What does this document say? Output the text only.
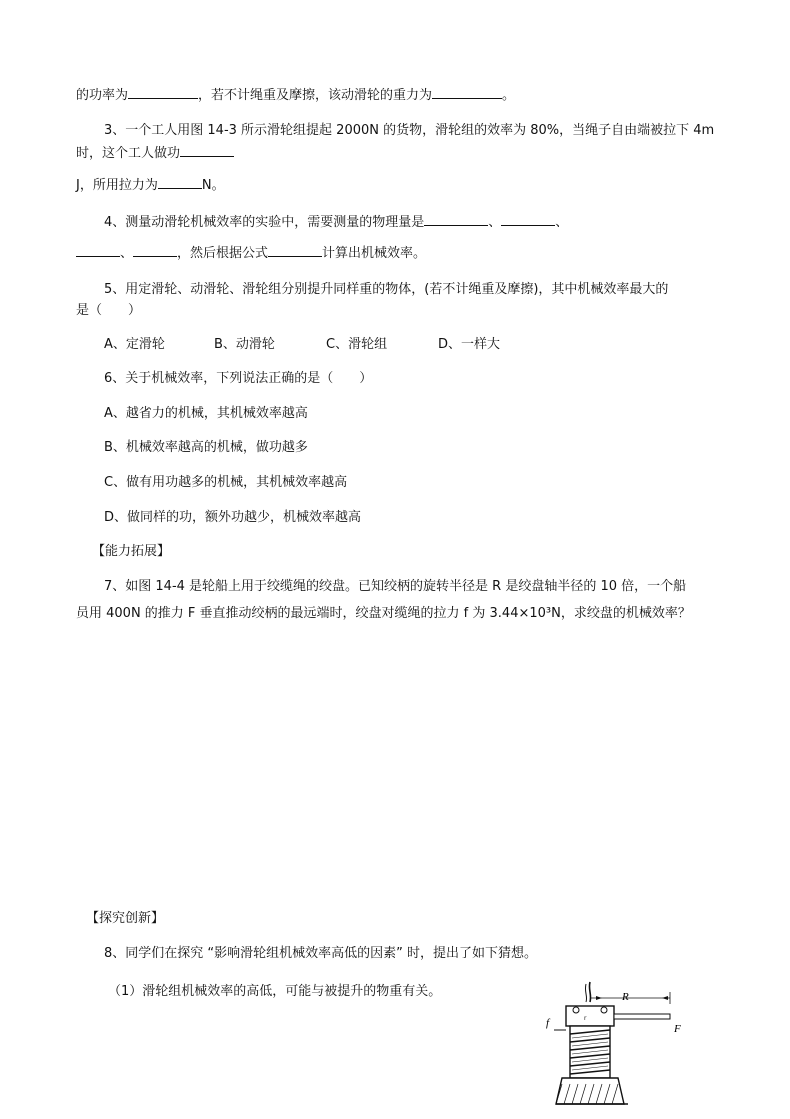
的功率为	，若不计绳重及摩擦，该动滑轮的重力为	。
3、一个工人用图 14-3 所示滑轮组提起 2000N 的货物，滑轮组的效率为 80%，当绳子自由端被拉下 4m
时，这个工人做功
J，所用拉力为	N。
4、测量动滑轮机械效率的实验中，需要测量的物理量是	、	、
、	，然后根据公式	计算出机械效率。
5、用定滑轮、动滑轮、滑轮组分别提升同样重的物体，(若不计绳重及摩擦)，其中机械效率最大的
是（　　）
A、定滑轮	B、动滑轮	C、滑轮组	D、一样大
6、关于机械效率，下列说法正确的是（　　）
A、越省力的机械，其机械效率越高
B、机械效率越高的机械，做功越多
C、做有用功越多的机械，其机械效率越高
D、做同样的功，额外功越少，机械效率越高
【能力拓展】
7、如图 14-4 是轮船上用于绞缆绳的绞盘。已知绞柄的旋转半径是 R 是绞盘轴半径的 10 倍，一个船
员用 400N 的推力 F 垂直推动绞柄的最远端时，绞盘对缆绳的拉力 f 为 3.44×10³N，求绞盘的机械效率？
【探究创新】
8、同学们在探究 “影响滑轮组机械效率高低的因素” 时，提出了如下猜想。
（1）滑轮组机械效率的高低，可能与被提升的物重有关。	R
r
F
f
